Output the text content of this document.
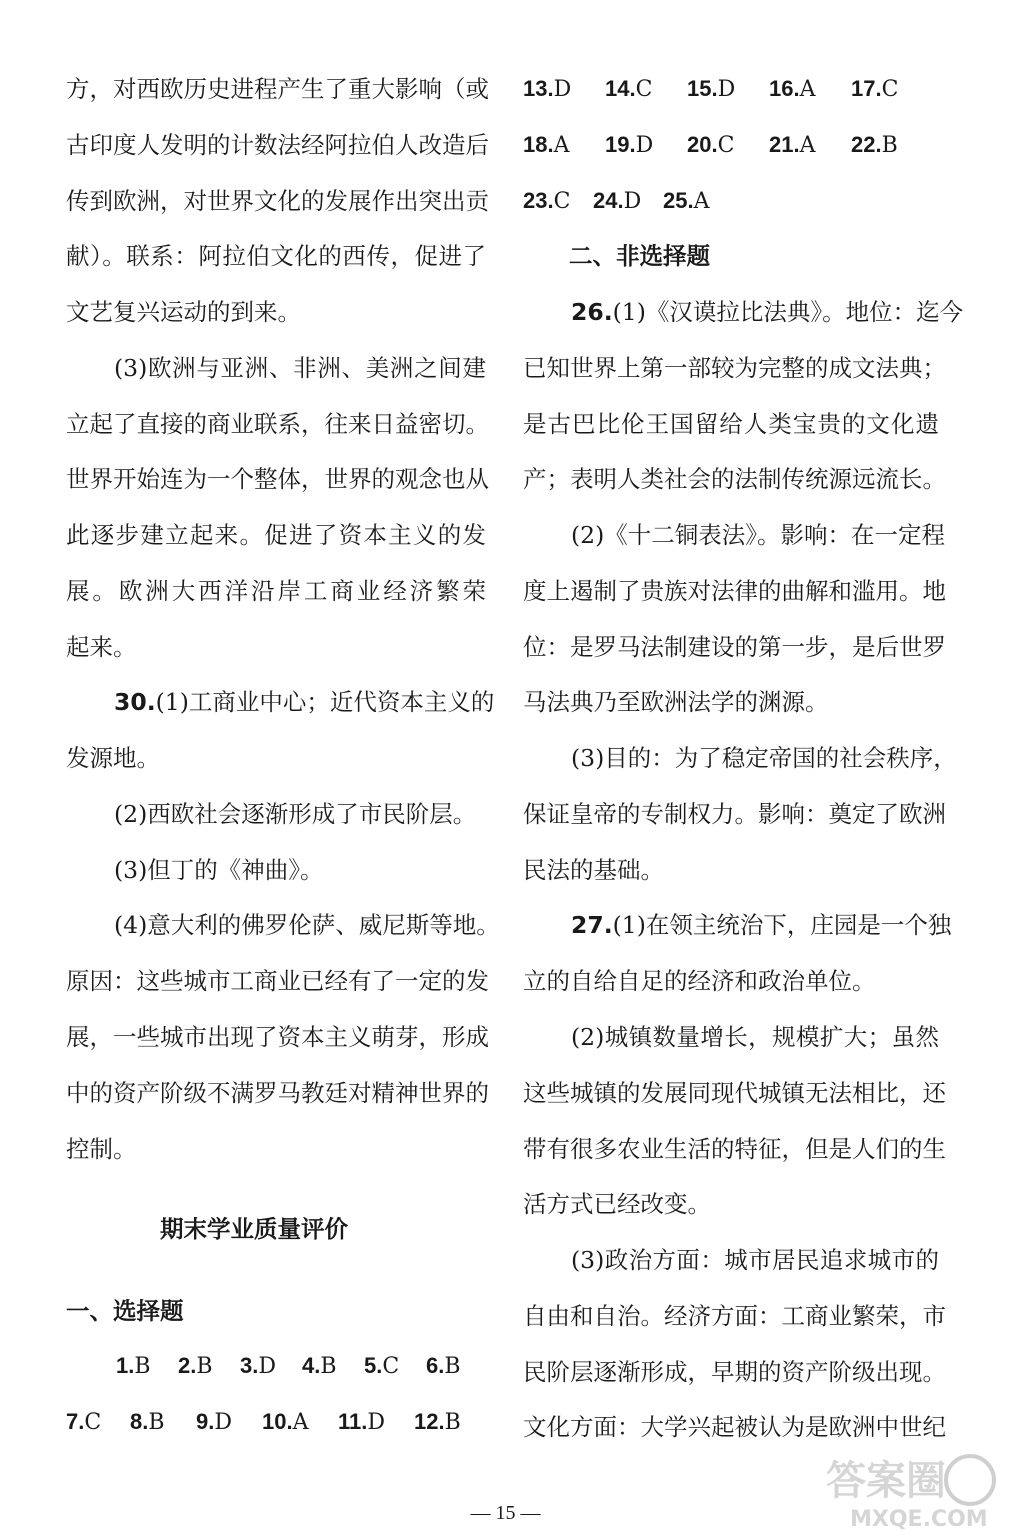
方，对西欧历史进程产生了重大影响（或
古印度人发明的计数法经阿拉伯人改造后
传到欧洲，对世界文化的发展作出突出贡
献）。联系：阿拉伯文化的西传，促进了
文艺复兴运动的到来。
(3)欧洲与亚洲、非洲、美洲之间建
立起了直接的商业联系，往来日益密切。
世界开始连为一个整体，世界的观念也从
此逐步建立起来。促进了资本主义的发
展。欧洲大西洋沿岸工商业经济繁荣
起来。
30.(1)工商业中心；近代资本主义的
发源地。
(2)西欧社会逐渐形成了市民阶层。
(3)但丁的《神曲》。
(4)意大利的佛罗伦萨、威尼斯等地。
原因：这些城市工商业已经有了一定的发
展，一些城市出现了资本主义萌芽，形成
中的资产阶级不满罗马教廷对精神世界的
控制。
期末学业质量评价
一、选择题
1.B 2.B 3.D 4.B 5.C 6.B
7.C 8.B 9.D 10.A 11.D 12.B
13.D 14.C 15.D 16.A 17.C
18.A 19.D 20.C 21.A 22.B
23.C 24.D 25.A
二、非选择题
26.(1)《汉谟拉比法典》。地位：迄今
已知世界上第一部较为完整的成文法典；
是古巴比伦王国留给人类宝贵的文化遗
产；表明人类社会的法制传统源远流长。
(2)《十二铜表法》。影响：在一定程
度上遏制了贵族对法律的曲解和滥用。地
位：是罗马法制建设的第一步，是后世罗
马法典乃至欧洲法学的渊源。
(3)目的：为了稳定帝国的社会秩序，
保证皇帝的专制权力。影响：奠定了欧洲
民法的基础。
27.(1)在领主统治下，庄园是一个独
立的自给自足的经济和政治单位。
(2)城镇数量增长，规模扩大；虽然
这些城镇的发展同现代城镇无法相比，还
带有很多农业生活的特征，但是人们的生
活方式已经改变。
(3)政治方面：城市居民追求城市的
自由和自治。经济方面：工商业繁荣，市
民阶层逐渐形成，早期的资产阶级出现。
文化方面：大学兴起被认为是欧洲中世纪
— 15 —
答案圈
MXQE.COM
